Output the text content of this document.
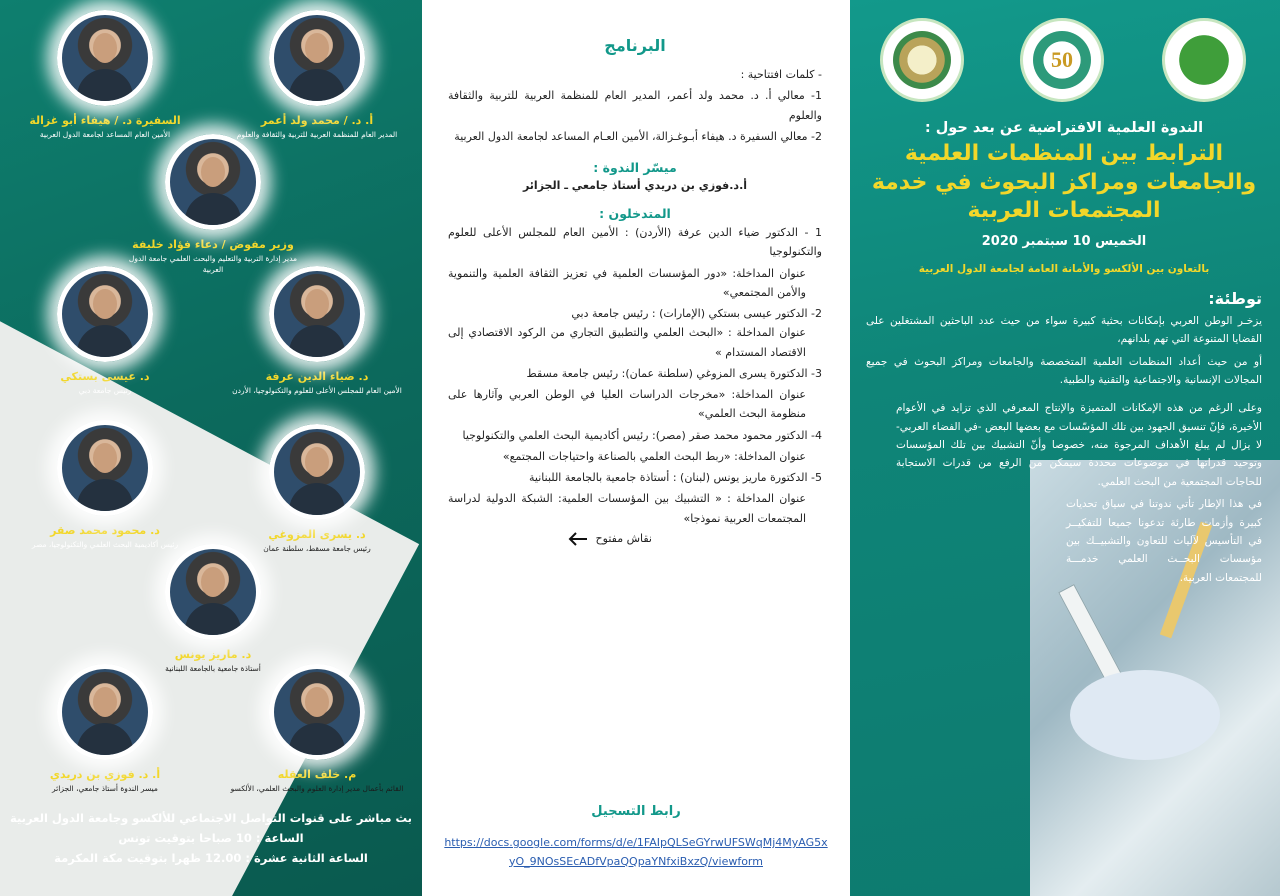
أ. د. / محمد ولد أعمر
المدير العام للمنظمة العربية للتربية والثقافة والعلوم
السفيرة د. / هيفاء أبو غزالة
الأمين العام المساعد لجامعة الدول العربية
وزير مفوض / دعاء فؤاد خليفة
مدير إدارة التربية والتعليم والبحث العلمي جامعة الدول العربية
د. ضياء الدين عرفة
الأمين العام للمجلس الأعلى للعلوم والتكنولوجيا، الأردن
د. عيسى بستكي
رئيس جامعة دبي
د. يسرى المزوغي
رئيس جامعة مسقط، سلطنة عمان
د. محمود محمد صقر
رئيس أكاديمية البحث العلمي والتكنولوجيا، مصر
د. ماريز يونس
أستاذة جامعية بالجامعة اللبنانية
م. خلف العقله
القائم بأعمال مدير إدارة العلوم والبحث العلمي، الألكسو
أ. د. فوزي بن دريدي
ميسر الندوة أستاذ جامعي، الجزائر
بث مباشر على قنوات التواصل الاجتماعي للألكسو وجامعة الدول العربية
الساعة : 10 صباحا بتوقيت تونس
الساعة الثانية عشرة : 12.00 ظهرا بتوقيت مكة المكرمة
البرنامج
- كلمات افتتاحية :
1- معالي أ. د. محمد ولد أعمر، المدير العام للمنظمة العربية للتربية والثقافة والعلوم
2- معالي السفيرة د. هيفاء أبـوغـزالة، الأمين العـام المساعد لجامعة الدول العربية
ميسّر الندوة :
أ.د.فوزي بن دريدي أستاذ جامعي ـ الجزائر
المتدخلون :
1 - الدكتور ضياء الدين عرفة (الأردن) : الأمين العام للمجلس الأعلى للعلوم والتكنولوجيا
عنوان المداخلة: «دور المؤسسات العلمية في تعزيز الثقافة العلمية والتنموية والأمن المجتمعي»
2- الدكتور عيسى بستكي (الإمارات) : رئيس جامعة دبي
عنوان المداخلة : «البحث العلمي والتطبيق التجاري من الركود الاقتصادي إلى الاقتصاد المستدام »
3- الدكتورة يسرى المزوغي (سلطنة عمان): رئيس جامعة مسقط
عنوان المداخلة: «مخرجات الدراسات العليا في الوطن العربي وآثارها على منظومة البحث العلمي»
4- الدكتور محمود محمد صقر (مصر): رئيس أكاديمية البحث العلمي والتكنولوجيا
عنوان المداخلة: «ربط البحث العلمي بالصناعة واحتياجات المجتمع»
5- الدكتورة ماريز يونس (لبنان) : أستاذة جامعية بالجامعة اللبنانية
عنوان المداخلة : « التشبيك بين المؤسسات العلمية: الشبكة الدولية لدراسة المجتمعات العربية نموذجا»
نقاش مفتوح
رابط التسجيل
https://docs.google.com/forms/d/e/1FAIpQLSeGYrwUFSWqMj4MyAG5xyO_9NOsSEcADfVpaQQpaYNfxiBxzQ/viewform
50
الندوة العلمية الافتراضية عن بعد حول :
الترابط بين المنظمات العلمية والجامعات ومراكز البحوث في خدمة المجتمعات العربية
الخميس 10 سبتمبر 2020
بالتعاون بين الألكسو والأمانة العامة لجامعة الدول العربية
توطئة:
يزخـر الوطن العربي بإمكانات بحثية كبيرة سواء من حيث عدد الباحثين المشتغلين على القضايا المتنوعة التي تهم بلدانهم،
أو من حيث أعداد المنظمات العلمية المتخصصة والجامعات ومراكز البحوث في جميع المجالات الإنسانية والاجتماعية والتقنية والطبية.
وعلى الرغم من هذه الإمكانات المتميزة والإنتاج المعرفي الذي تزايد في الأعوام الأخيرة، فإنّ تنسيق الجهود بين تلك المؤسّسات مع بعضها البعض -في الفضاء العربي- لا يزال لم يبلغ الأهداف المرجوة منه، خصوصا وأنّ التشبيك بين تلك المؤسسات وتوحيد قدراتها في موضوعات محددة سيمكن من الرفع من قدرات الاستجابة للحاجات المجتمعية من البحث العلمي.
في هذا الإطار تأتي ندوتنا في سياق تحديات كبيرة وأزمات طارئة تدعونا جميعا للتفكيــر في التأسيس لآليات للتعاون والتشبيــك بين مؤسسات البحــث العلمي خدمـــة للمجتمعات العربية.
